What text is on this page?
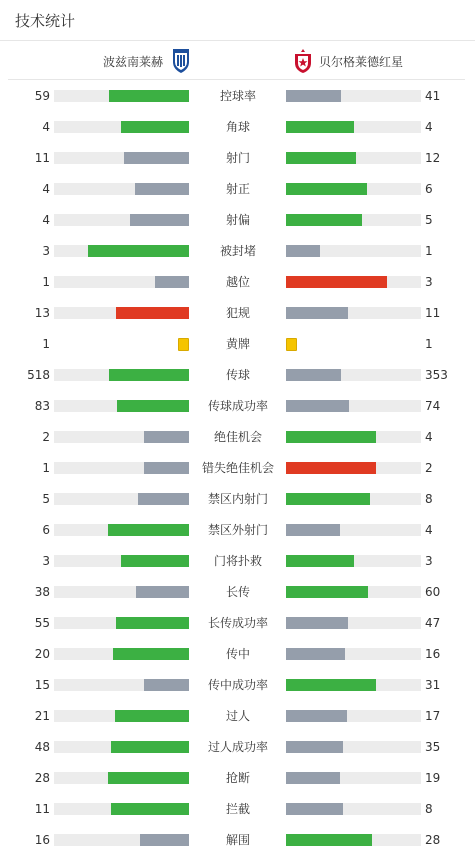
技术统计
波兹南莱赫	贝尔格莱德红星
59	控球率	41
4	角球	4
11	射门	12
4	射正	6
4	射偏	5
3	被封堵	1
1	越位	3
13	犯规	11
1	黄牌	1
518	传球	353
83	传球成功率	74
2	绝佳机会	4
1	错失绝佳机会	2
5	禁区内射门	8
6	禁区外射门	4
3	门将扑救	3
38	长传	60
55	长传成功率	47
20	传中	16
15	传中成功率	31
21	过人	17
48	过人成功率	35
28	抢断	19
11	拦截	8
16	解围	28
